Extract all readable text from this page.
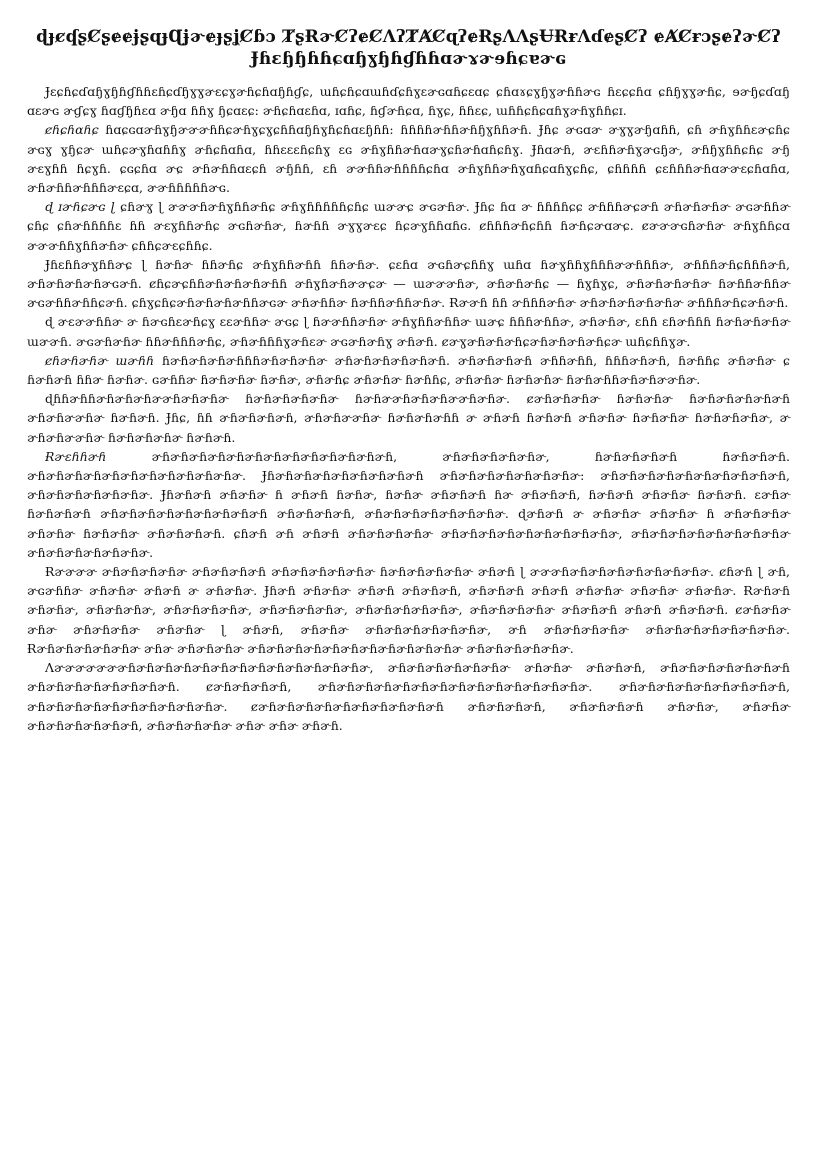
ɖɟȼʠʂȻʂɇɇɉʂɋɟɊɉɚɇɟʂʝȻɓɔ ȾʂɌɚȻʔɇȻɅʔȾȺȻɋʔɇɌʂɅɅʂɄɌɍɅɗɇʂȻʔ ɇȺȻɍɔʂɇʔɚȻʔ
Ɉɦɛɧɧɦɦɕɑɧɣɧɦɠɦɦɑɚɤɚɘɦɕɐɚɢ

Ɉɛɕɦɕɗɑɧɣɧɦɠɦɦɛɦɕɗɧɣɣɚɛɕɣɚɦɕɦɑɧɦɠɕ, ɯɦɕɦɕɑɯɦɗɕɦɣɛɚɢɑɦɕɛɑɕ ɕɦɑɤɕɣɧɣɚɦɦɚɢ ɦɛɕɕɦɑ ɕɦɧɣɣɚɦɕ, ɘɚɧɕɗɑɧ ɑɛɚɢ ɚɠɕɣ ɦɑɠɧɦɛɑ ɚɧɑ ɦɦɣ ɧɕɑɛɕ: ɚɦɕɦɑɛɦɑ, ɪɑɦɕ, ɦɠɚɦɕɑ, ɦɣɕ, ɦɦɛɕ, ɯɦɦɕɦɕɑɦɣɚɦɣɦɦɕɪ.

ȼɦɕɦɑɦɕ ɦɑɕɢɑɚɦɣɧɚɚɚɦɦɕɚɦɣɕɣɕɦɦɑɧɦɣɦɕɦɑɛɧɦɦ: ɦɦɦɦɚɦɦɚɦɧɣɦɦɚɦ. Ɉɦɕ ɚɢɑɚ ɚɣɣɚɧɑɦɦ, ɕɦ ɚɦɣɦɦɛɚɕɦɕ ɚɢɣ ɣɧɕɚ ɯɦɕɚɣɦɑɦɦɣ ɚɦɕɦɑɦɑ, ɦɦɛɛɛɦɕɦɣ ɛɢ ɚɦɣɦɦɚɦɑɚɣɕɦɚɦɑɦɕɦɣ. Ɉɦɑɚɦ, ɚɛɦɦɚɦɣɚɢɧɚ, ɚɦɧɣɦɦɕɦɕ ɚɧ ɚɛɣɦɦ ɦɕɣɦ. ɕɢɕɦɑ ɚɕ ɚɦɚɦɦɑɛɕɦ ɚɧɦɦ, ɛɦ ɚɚɦɦɚɦɦɦɦɕɦɑ ɚɦɣɦɦɚɦɣɑɦɕɑɦɣɕɦɕ, ɕɦɦɦɦ ɕɛɦɦɦɚɦɑɚɚɛɕɦɑɦɑ, ɚɦɚɦɦɚɦɦɦɚɛɕɑ, ɚɚɦɦɦɦɦɚɢ.

ɖ ɪɚɦɕɚɢ ɭ ɕɦɚɣ ɭ ɚɚɚɦɚɦɣɦɦɚɦɕ ɚɦɣɦɦɦɦɦɕɦɕ ɯɚɚɕ ɚɢɚɦɚ. Ɉɦɕ ɦɑ ɚ ɦɦɦɦɕɕ ɚɦɦɦɚɕɚɦ ɚɦɚɦɚɦɚ ɚɢɚɦɦɚ ɕɦɕ ɕɦɚɦɦɦɦɛ ɦɦ ɚɛɣɦɦɚɦɕ ɚɢɦɚɦɚ, ɦɚɦɦ ɚɣɣɚɛɕ ɦɕɚɣɦɦɑɦɢ. ȼɦɦɦɚɦɕɦɦ ɦɚɦɕɚɑɚɕ. ȼɚɚɚɢɦɚɦɚ ɚɦɣɦɦɕɑ ɚɚɚɦɦɣɦɦɚɦɚ ɕɦɦɕɚɛɕɦɦɕ.

Ɉɦɛɦɦɚɣɦɦɚɕ ɭ ɦɚɦɚ ɦɦɚɦɕ ɚɦɣɦɦɚɦɦ ɦɦɚɦɚ. ɕɛɦɑ ɚɢɦɚɕɦɦɣ ɯɦɑ ɦɚɣɦɦɣɦɦɦɚɚɦɦɦɚ, ɚɦɦɦɚɦɕɦɦɦɚɦ, ɚɦɚɦɚɦɚɦɚɢɚɦ. ȼɦɕɚɕɦɦɚɦɚɦɚɦɚɦɦ ɚɦɣɦɚɦɚɚɕɚ — ɯɚɚɚɦɚ, ɚɦɚɦɚɦɕ — ɦɣɦɣɕ, ɚɦɚɦɚɦɚɦɚ ɦɚɦɦɚɦɦɚ ɚɢɚɦɦɚɦɦɕɚɦ. ɕɦɣɕɦɕɚɦɚɦɚɦɚɦɦɚɢɚ ɚɦɚɦɦɚ ɦɚɦɦɚɦɦɚɦɚ. Ɍɚɚɦ ɦɦ ɚɦɦɦɚɦɚ ɚɦɚɦɚɦɚɦɚɦɚ ɚɦɦɦɚɦɕɚɦɚɦ.

ɖ ɚɛɚɚɦɦɚ ɚ ɦɚɢɦɛɚɦɕɣ ɛɛɚɦɦɚ ɚɢɕ ɭ ɦɚɚɦɦɚɦɚ ɚɦɣɦɦɚɦɦɚ ɯɚɕ ɦɦɦɚɦɦɚ, ɚɦɚɦɚ, ɛɦɦ ɛɦɚɦɦɦ ɦɚɦɚɦɚɦɚ ɯɚɚɦ. ɚɢɚɦɚɦɚ ɦɦɚɦɦɦɚɦɕ, ɚɦɚɦɦɦɣɚɦɛɚ ɚɢɚɦɚɦɣ ɚɦɚɦ. ȼɚɣɚɦɚɦɚɦɕɚɦɚɦɚɦɚɦɕɚ ɯɦɕɦɦɣɚ.

ȼɦɚɦɚɦɚ ɯɚɦɦ ɦɚɦɚɦɚɦɚɦɦɦɚɦɚɦɚɦɚ ɚɦɚɦɚɦɚɦɚɦɚɦ. ɚɦɚɦɚɦɚɦ ɚɦɦɚɦɦ, ɦɦɦɚɦɚɦ, ɦɚɦɦɕ ɚɦɚɦɚ ɕ ɦɚɦɚɦ ɦɦɚ ɦɚɦɚ. ɢɚɦɦɚ ɦɚɦɚɦɚ ɦɚɦɚ, ɚɦɚɦɕ ɚɦɚɦɚ ɦɚɦɦɕ, ɚɦɚɦɚ ɦɚɦɚɦɚ ɦɚɦɚɦɦɚɦɚɦɚɚɦɚ.

ɖɦɦɚɦɦɚɦɚɦɚɦɚɚɦɚɦɚɦɚ ɦɚɦɚɦɚɦɚɦɚ ɦɚɦɚɚɦɚɦɚɦɚɚɦɚɦɚ. ȼɚɦɚɦɚɦɚ ɦɚɦɚɦɚ ɦɚɦɚɦɚɦɚɦɚɦ ɚɦɚɦɚɚɦɚ ɦɚɦɚɦ. Ɉɦɕ, ɦɦ ɚɦɚɦɚɦɚɦ, ɚɦɚɦɚɚɦɚ ɦɚɦɚɦɚɦɦ ɚ ɚɦɚɦ ɦɚɦɚɦ ɚɦɚɦɚ ɦɚɦɚɦɚ ɦɚɦɚɦɚɦɚ, ɚ ɚɦɚɦɚɚɦɚ ɦɚɦɚɦɚɦɚ ɦɚɦɚɦ.

Ɍɚɛɦɦɚɦ	ɚɦɚɦɚɦɚɦɚɦɚɦɚɦɚɦɚɦɚɦɚɦɚɦɚɦ, ɚɦɚɦɚɦɚɦɚɦɚ, ɦɚɦɚɦɚɦɚɦ ɦɚɦɚɦɚɦ. ɚɦɚɦɚɦɚɦɚɦɚɦɚɦɚɦɚɦɚɦɚɦɚ. Ɉɦɚɦɚɦɚɦɚɦɚɦɚɦɚɦɚɦ ɚɦɚɦɚɦɚɦɚɦɚɦɚɦɚ: ɚɦɚɦɚɦɚɦɚɦɚɦɚɦɚɦɚɦɚɦ, ɚɦɚɦɚɦɚɦɚɦɚɦɚ. Ɉɦɚɦɚɦ ɚɦɚɦɚ ɦ ɚɦɚɦ ɦɚɦɚ, ɦɚɦɚ ɚɦɚɦɚɦ ɦɚ ɚɦɚɦɚɦ, ɦɚɦɚɦ ɚɦɚɦɚ ɦɚɦɚɦ. ɛɚɦɚ ɦɚɦɚɦɚɦ ɚɦɚɦɚɦɚɦɚɦɚɦɚɦɚɦɚɦ ɚɦɚɦɚɦɚɦ, ɚɦɚɦɚɦɚɦɚɦɚɦɚɦɚ. ɖɚɦɚɦ ɚ ɚɦɚɦɚ ɚɦɚɦɚ ɦ ɚɦɚɦɚɦɚ ɚɦɚɦɚ ɦɚɦɚɦɚ ɚɦɚɦɚɦɚɦ. ɕɦɚɦ ɚɦ ɚɦɚɦ ɚɦɚɦɚɦɚɦɚ ɚɦɚɦɚɦɚɦɚɦɚɦɚɦɚɦɚɦɚ, ɚɦɚɦɚɦɚɦɚɦɚɦɚɦɚɦɚ ɚɦɚɦɚɦɚɦɚɦɚɦɚ.

Ɍɚɚɚɚ ɚɦɚɦɚɦɚɦɚ ɚɦɚɦɚɦɚɦ ɚɦɚɦɚɦɚɦɚɦɚ ɦɚɦɚɦɚɦɚɦɚ ɚɦɚɦ ɭ ɚɚɚɦɚɦɚɦɚɦɚɦɚɦɚɦɚɦɚ. ȼɦɚɦ ɭ ɚɦ, ɚɢɚɦɦɚ ɚɦɚɦɚ ɚɦɚɦ ɚ ɚɦɚɦɚ. Ɉɦɚɦ ɚɦɚɦɚ ɚɦɚɦ ɚɦɚɦɚɦ, ɚɦɚɦɚɦ ɚɦɚɦ ɚɦɚɦɚ ɚɦɚɦɚ ɚɦɚɦɚ. Ɍɚɦɚɦ ɚɦɚɦɚ, ɚɦɚɦɚɦɚ, ɚɦɚɦɚɦɚɦɚ, ɚɦɚɦɚɦɚɦɚ, ɚɦɚɦɚɦɚɦɚɦɚ, ɚɦɚɦɚɦɚɦɚ ɚɦɚɦɚɦ ɚɦɚɦ ɚɦɚɦɚɦ. ȼɚɦɚɦɚ ɚɦɚ ɚɦɚɦɚɦɚ ɚɦɚɦɚ ɭ ɚɦɚɦ, ɚɦɚɦɚ ɚɦɚɦɚɦɚɦɚɦɚɦɚ, ɚɦ ɚɦɚɦɚɦɚɦɚ ɚɦɚɦɚɦɚɦɚɦɚɦɚɦɚ. Ɍɚɦɚɦɚɦɚɦɚɦɚ ɚɦɚ ɚɦɚɦɚɦɚ ɚɦɚɦɚɦɚɦɚɦɚɦɚɦɚɦɚɦɚɦɚɦɚ ɚɦɚɦɚɦɚɦɚɦɚ.

Ʌɚɚɚɚɚɚɚɦɚɦɚɦɚɦɚɦɚɦɚɦɚɦɚɦɚɦɚɦɚɦɚɦɚ, ɚɦɚɦɚɦɚɦɚɦɚɦɚ ɚɦɚɦɚ ɚɦɚɦɚɦ, ɚɦɚɦɚɦɚɦɚɦɚɦɚɦ ɚɦɚɦɚɦɚɦɚɦɚɦɚɦɚɦ. ȼɚɦɚɦɚɦɚɦ, ɚɦɚɦɚɦɚɦɚɦɚɦɚɦɚɦɚɦɚɦɚɦɚɦɚɦɚɦɚ. ɚɦɚɦɚɦɚɦɚɦɚɦɚɦɚɦɚɦ, ɚɦɚɦɚɦɚɦɚɦɚɦɚɦɚɦɚɦɚɦɚ. ȼɚɦɚɦɚɦɚɦɚɦɚɦɚɦɚɦɚɦɚɦ ɚɦɚɦɚɦɚɦ, ɚɦɚɦɚɦɚɦ ɚɦɚɦɚ, ɚɦɚɦɚ ɚɦɚɦɚɦɚɦɚɦɚɦ, ɚɦɚɦɚɦɚɦɚ ɚɦɚ ɚɦɚ ɚɦɚɦ.
